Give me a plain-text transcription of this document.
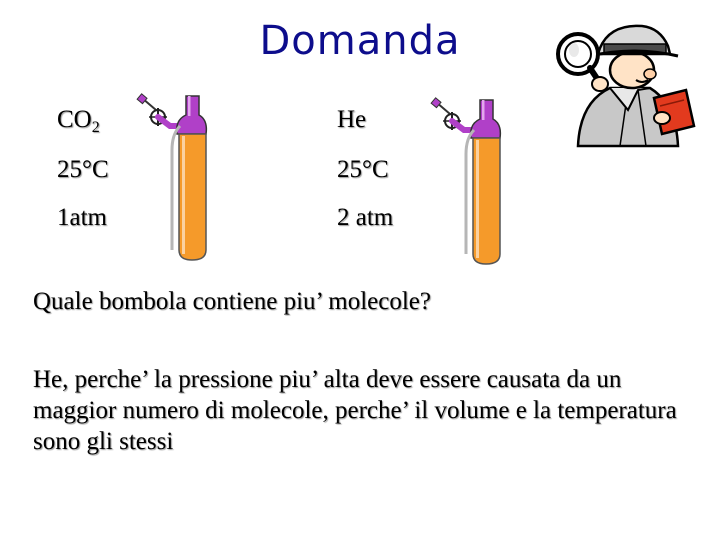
Domanda
$CO_2$
25°C
1atm
He
25°C
2 atm
Quale bombola contiene piu’ molecole?
He, perche’ la pressione piu’ alta deve essere causata da un maggior numero di molecole, perche’ il volume e la temperatura sono gli stessi
